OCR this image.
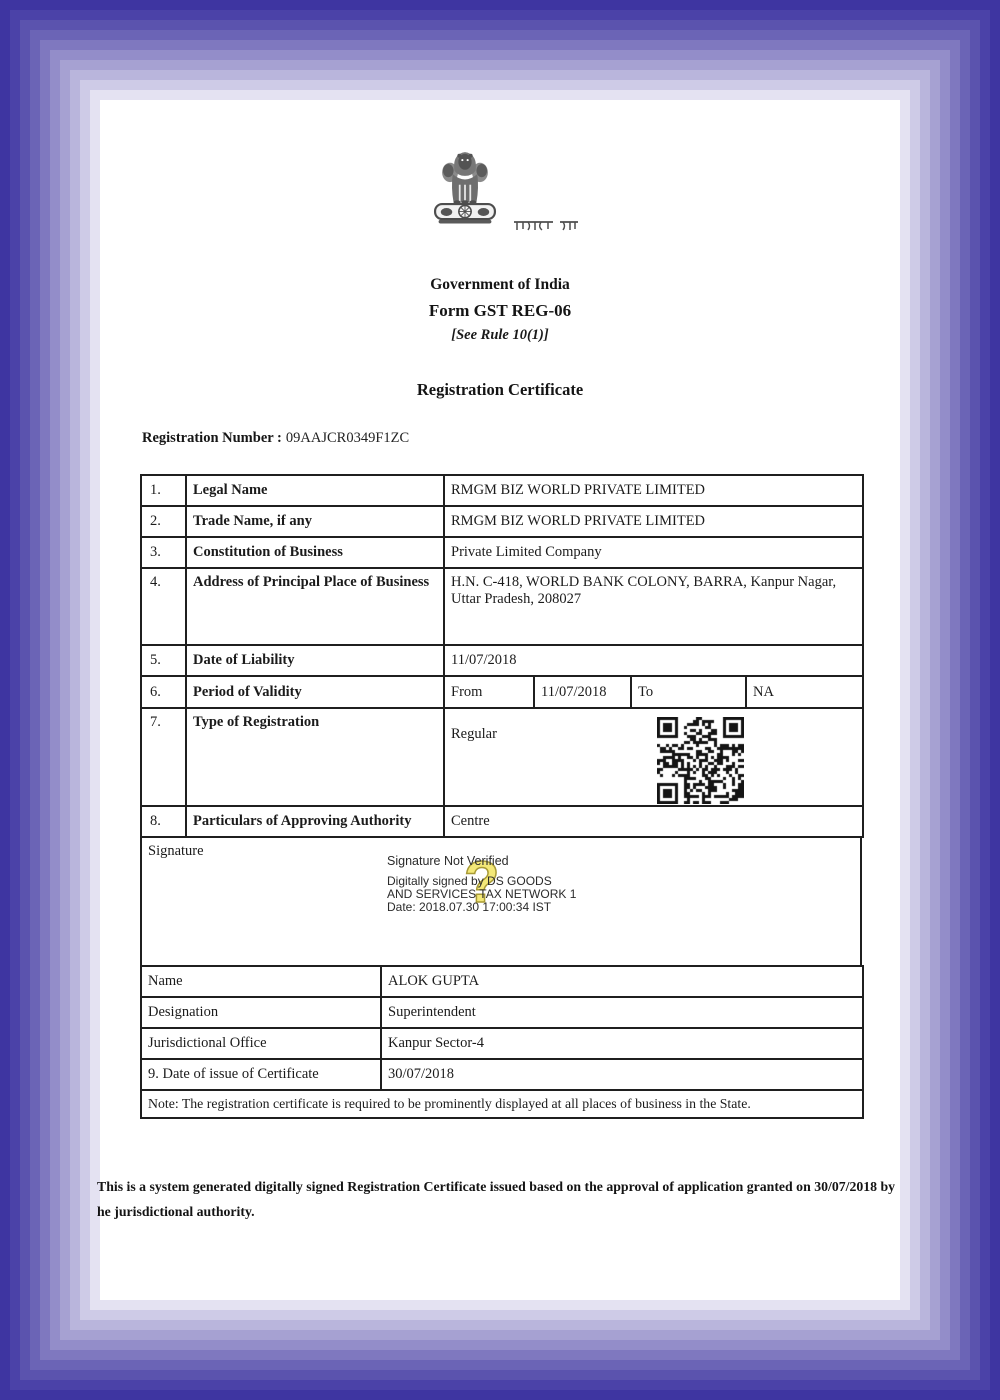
Government of India
Form GST REG-06
[See Rule 10(1)]
Registration Certificate
Registration Number : 09AAJCR0349F1ZC
1.	Legal Name	RMGM BIZ WORLD PRIVATE LIMITED			
2.	Trade Name, if any	RMGM BIZ WORLD PRIVATE LIMITED			
3.	Constitution of Business	Private Limited Company			
4.	Address of Principal Place of Business	H.N. C-418, WORLD BANK COLONY, BARRA, Kanpur Nagar, Uttar Pradesh, 208027			
5.	Date of Liability	11/07/2018			
6.	Period of Validity	From	11/07/2018	To	NA
7.	Type of Registration	Regular			

8.	Particulars of Approving Authority	Centre			
Signature	?
Signature Not Verified
Digitally signed by DS GOODS
AND SERVICES TAX NETWORK 1
Date: 2018.07.30 17:00:34 IST
Name	ALOK GUPTA
Designation	Superintendent
Jurisdictional Office	Kanpur Sector-4
9. Date of issue of Certificate	30/07/2018
Note: The registration certificate is required to be prominently displayed at all places of business in the State.	
This is a system generated digitally signed Registration Certificate issued based on the approval of application granted on 30/07/2018 by
he jurisdictional authority.
